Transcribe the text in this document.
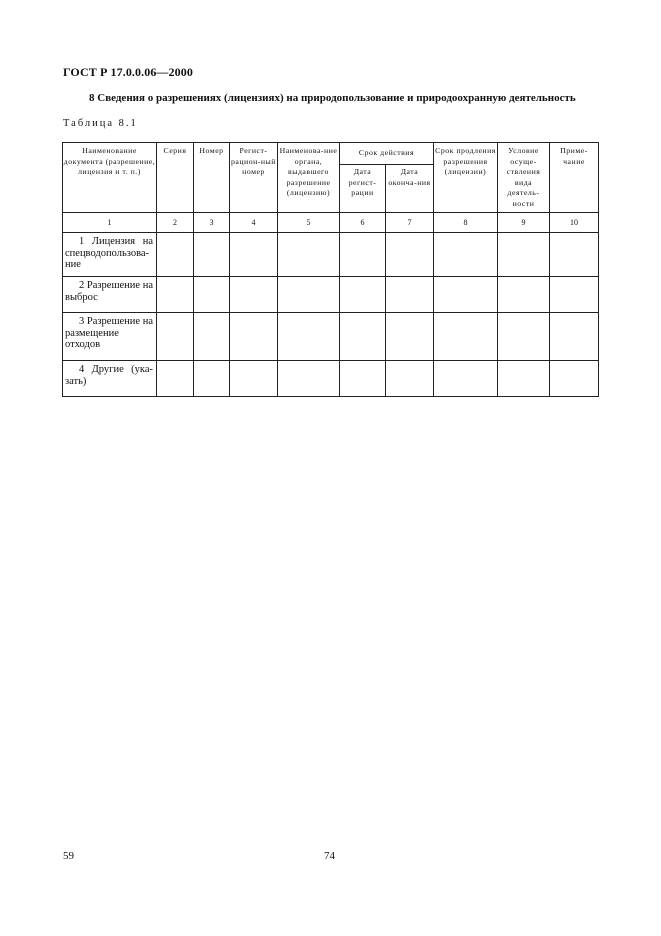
ГОСТ Р 17.0.0.06—2000
8 Сведения о разрешениях (лицензиях) на природопользование и природоохранную деятельность
Таблица 8.1
Наименование документа (разрешение, лицензия и т. п.)	Серия	Номер	Регист-рацион-ный номер	Наименова-ние органа, выдавшего разрешение (лицензию)	Срок действия		Срок продления разрешения (лицензии)	Условие осуще-ствления вида деятель-ности	Приме-чание
					Дата регист-рации	Дата оконча-ния			
1	2	3	4	5	6	7	8	9	10
1 Лицензия на спецводопользова-ние									
2 Разрешение на выброс									
3 Разрешение на размещение отходов									
4 Другие (ука-зать)									
59	74
